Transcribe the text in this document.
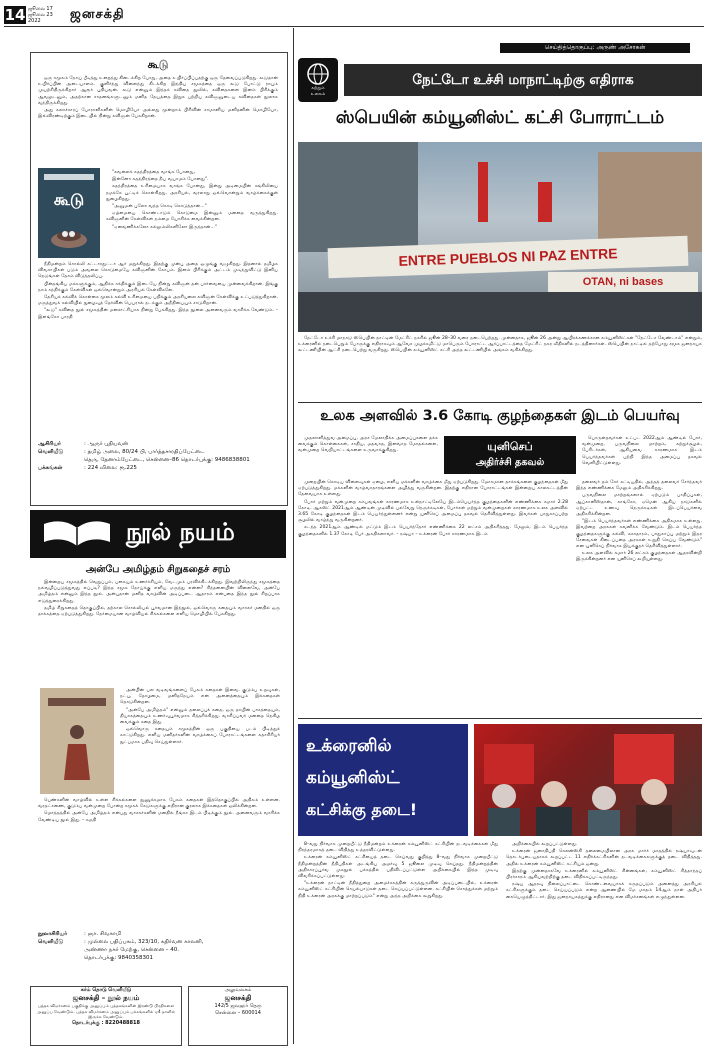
14 ஜூலை 17
ஜூலை 23
2022	ஜனசக்தி
செய்தித்தொகுப்பு: அருண் அசோகன்
கூடு

ஒரு சமூகம் நோய் பீடித்து உறைந்து கிடைக்கிற போது, அதை உயிர்ப்பிப்பதற்கு ஒரு தேவைப்படுகிறது. கூடுதான் உயிர்ப்பின் அடையாளம். குளிர்ந்து விளைந்து கிடக்கிற இந்திய சமூகத்தை ஒரு கூடு போட்டு ராயும் முயற்சிதிருக்கிறார் ஆரூர் புதியவன். கூடு என்னும் இந்தக் கவிதை நூலில், கவிதைகளை இனம் பிரிக்கும் ஆவலுடனும், அதற்கான சாதனங்களுடனும் மனித நேயத்தை இறுக பற்றிய கவிஞனுடைய கவிதைகள் நூலாக வந்திருக்கிறது.

அது கலாச்சாரப் போராளிகளின் மொழியோ அல்லது மூன்றாம் பிரிவின் சாமானிய மனிதனின் மொழியோ, இவ்விரண்டிற்கும் இடையில் நின்று கவிஞன் பேசுகிறான்.

கூடு

"கவலைக் கதந்திரத்தை வாங்க போனது,

இன்னோ சுதந்திரத்தை நீய வயாமம் போனது".

சுதந்திரத்தை உரிமையாக வாங்க போனது, இன்று அடிமையின் சங்கிலியை நமக்கே பூட்டிக் கொள்கிறது. அரசியல், வரலாறு ஒவ்வொன்றும் வாழ்க்கைக்குள் நுழைகிறது.

"அனுமன் புலோ வந்த கொடி கொடுத்தான்..."

ஏழ்மையை கொண்டாடும் கொடுமை இன்னும் மனதை வருத்துகிறது. கவிஞனின் கேள்விகள் நம்மை யோசிக்க வைக்கின்றன.

"ஏனவணிக்கலோ கல்லும்லிகளிலோ இருந்தான்..."

நீதிமன்றம் சொல்லி கட்டாரதுட்டா ஆர் மறுக்கிறது. இதற்கு முன்பு அதை ஒழுங்கு வழுகிறது. இதனால் தமிழக விவசாயிகள் படும் அவலை கொடுமையே கவிஞனின் கோபம். இனம் பிரிக்கும் அட்டம் முடிந்துவிட்டு இனிய நெடுங்கள் தேசம் விடுத்தலிப்பு.

பின்தங்கிய மக்களுக்கும், ஆதிக்க சக்திக்கும் இடையே நின்று கவிஞன் தன் பார்வையை முன்வைக்கிறான். இங்கு நாம் சந்திக்கும் கேள்விகள் ஒவ்வொன்றும் அரசியல் கேள்விகளே.

தேசியக் கல்விக் கொள்கை மூலம் கல்வி உரிமையை பறிக்கும் அரசியலை கவிஞன் கேள்விக்கு உட்படுத்துகிறான். மருத்துவக் கல்வியில் நுழைவுத் தேர்வின் பெயரால் நடக்கும் அநீதியையும் சாடுகிறான்.

"கூடு" கவிதை நூல் சமூகத்தின் மனசாட்சியாக நின்று பேசுகிறது. இந்த நூலை அனைவரும் வாசிக்க வேண்டும். – இளங்கோ பாரதி

ஆசிரியர்	: ஆருர் புதியவன்
வெளியீடு	: தமிழ் அலை, 80/24 பி, பார்த்தசாரதிப்பேட்டை
தெரு, தேனாம்பேட்டை, சென்னை–86 தொடர்புக்கு: 9486838801
பக்கங்கள்	: 224 விலை: ரூ.225
நூல் நயம்
அன்பே அமிழ்தம் சிறுகதைச் சரம்

இன்றைய சமூகத்தில் வெறுப்பும், பகையும் உணர்ச்சியும், வேடமும் பரவிக்கிடக்கிறது. இவற்றிலிருந்து சமூகத்தை நல்வழிப்படுத்துவது எப்படி? இந்த சமூக நோய்க்கு எளிய மருந்து என்ன? சிந்தனையின் விளைவே, அன்பே அமிழ்தம் என்னும் இந்த நூல். அன்புதான் மனித வாழ்வின் அடிப்படை ஆதாரம் என்பதை இந்த நூல் சிறப்பாக எடுத்துரைக்கிறது.

தமிழ் சிறுகதைத் தொகுப்பில், தற்கால சொல்லியல் பூர்வமான இந்நூல், ஒவ்வொரு கதையும் வாசகர் மனதில் ஒரு தாக்கத்தை ஏற்படுத்துகிறது. நேர்மையான வாழ்வியல் சிக்கல்களை எளிய மொழியில் பேசுகிறது.

அன்பின் பல வடிவங்களைப் பேசும் கதைகள் இவை. குடும்ப உறவுகள், நட்பு, தோழமை, மனிதநேயம் என அனைத்தையும் இக்கதைகள் தொடுகின்றன.

"அன்பே அமிழ்தம்" என்னும் தலைப்புக் கதை, ஒரு தாயின் பாசத்தையும், தியாகத்தையும் உணர்வுபூர்வமாக சித்தரிக்கிறது. வாசிப்பவர் மனதை நெகிழ வைக்கும் கதை இது.

ஒவ்வொரு கதையும் சமூகத்தின் ஒரு பகுதியை படம் பிடித்துக் காட்டுகிறது. எளிய மனிதர்களின் வாழ்க்கைப் போராட்டங்களை கதாசிரியர் நுட்பமாக பதிவு செய்துள்ளார்.

பெண்களின் வாழ்வில் உள்ள சிக்கல்களை நுணுக்கமாக பேசும் கதைகள் இத்தொகுப்பில் அதிகம் உள்ளன. வரதட்சணை, குடும்ப வன்முறை போன்ற சமூகக் கேடுகளுக்கு எதிரான குரலாக இக்கதைகள் ஒலிக்கின்றன.

மொத்தத்தில் அன்பே அமிழ்தம் என்பது வாசகர்களின் மனதில் நீங்கா இடம் பிடிக்கும் நூல். அனைவரும் வாசிக்க வேண்டிய நூல் இது. – சுமதி

நூலாசிரியர்	: ஞா. சிவகாமி
வெளியீடு	: முல்லை பதிப்பகம், 323/10, கதிர்வன காலனி,
அண்ணா நகர் மேற்கு, சென்னை – 40.
தொடர்புக்கு: 9840358301
கர்ம் தொடு வெளியீடு
ஜனசக்தி – நூல் நயம்
புத்தக விமர்சனம் பகுதிக்கு அனுப்பும் புத்தகங்களின் இரண்டு பிரதிகளை அனுப்ப வேண்டும். புத்தக விமர்சனம் அனுப்பும் பக்கங்களில் ஏ4 தாளில் இருக்க வேண்டும்.
தொடர்புக்கு : 8220488818
அலுவலகம்
ஜனசக்தி
142/5 ஜவஹர் தெரு
சென்னை – 600014
சுற்றும்
உலகம்
நேட்டோ உச்சி மாநாட்டிற்கு எதிராக
ஸ்பெயின் கம்யூனிஸ்ட் கட்சி போராட்டம்
ENTRE PUEBLOS NI PAZ ENTRE
OTAN, ni bases

நேட்டோ உச்சி மாநாடு ஸ்பெயின் நாட்டின் மேட்ரிட் நகரில் ஜூன் 28–30 வரை நடைபெற்றது. முன்னதாக, ஜூன் 26 அன்று ஆயிரக்கணக்கான கம்யூனிஸ்ட்கள் "நேட்டோ வேண்டாம்" என்றும், உக்ரைனில் நடைபெறும் போருக்கு எதிராகவும் ஆவேச முழக்கமிட்டு மாபெரும் போராட்ட ஆர்ப்பாட்டத்தை மேட்ரிட் நகர வீதிகளில் நடத்தினார்கள். ஸ்பெயின் நாட்டில் தற்போது சமூக ஜனநாயக கூட்டணியின் ஆட்சி நடைபெற்று வருகிறது. ஸ்பெயின் கம்யூனிஸ்ட் கட்சி அந்த கூட்டணியில் அங்கம் வகிக்கிறது.

உலக அளவில் 3.6 கோடி குழந்தைகள் இடம் பெயர்வு

முதலாளித்துவ அமைப்பு, அரச மேலாதிக்க அமைப்புகளை தக்க வைக்கும் கொள்கைகள், சாதிய, மதவாத, இனவாத மோதல்களை, வன்முறை வெறியாட்டங்களை உருவாக்குகிறது.	யுனிசெப்
அதிர்ச்சி தகவல்

பொருள்தவர்கள் உட்பட 2022ஆம் ஆண்டில் போர், வன்முறை, பருவநிலை மாற்றம், சுற்றுச்சூழல், பேரிடர்கள், ஆகியவை காரணமாக இடம் பெயர்ந்தவர்கள் பற்றி இந்த அமைப்பு தகவல் வெளியிட்டுள்ளது.

முறையின் கொடிய விளைவுகள் ஏழை, எளிய மக்களின் வாழ்க்கை மீது ஏற்படுகிறது. மோசமான தாக்கங்களை குழந்தைகள் மீது ஏற்படுத்துகிறது. மக்களின் வாழ்வாதாரங்களை அழித்து வருகின்றன. இதற்கு எதிரான போராட்டங்கள் இன்றைய காலகட்டத்தின் தேவையாக உள்ளது.

போர் மற்றும் வன்முறை சம்பவங்கள் காரணமாக உள்நாட்டிலேயே இடம்பெயர்ந்த குழந்தைகளின் எண்ணிக்கை சுமார் 2.28 கோடி. ஆகஸ்ட் 2021ஆம் ஆண்டின் முடிவில் பல்வேறு நெருக்கடிகள், போர்கள் மற்றும் வன்முறைகள் காரணமாக உலக அளவில் 3.65 கோடி குழந்தைகள் இடம் பெயர்ந்துள்ளனர் என்று யுனிசெப் அமைப்பு தகவல் தெரிவித்துள்ளது. இவர்கள் பாதுகாப்பற்ற சூழலில் வாழ்ந்து வருகின்றனர்.

கடந்த 2021ஆம் ஆண்டில் மட்டும் இடம் பெயர்ந்தோர் எண்ணிக்கை 22 லட்சம் அதிகரித்தது. மேலும், இடம் பெயர்ந்த குழந்தைகளில் 1.37 கோடி பேர் அகதிகளாவர். – ரஷ்யா – உக்ரைன் போர் காரணமாக இடம்

தலைவர் தம் சேர் கட்டியதில், அந்தத் தலைவர் சேர்ந்தவர் இந்த எண்ணிக்கை மேலும் அதிகரிக்கிறது.

பருவநிலை மாற்றங்களால் ஏற்படும் பாதிப்புகள், ஆப்கானிஸ்தான், காங்கோ, ஏமென் ஆகிய நாடுகளில் ஏற்பட்ட உணவு நெருக்கடிகள் இடப்பெயர்வை அதிகரிக்கின்றன.

"இடம் பெயர்ந்தவர்கள் எண்ணிக்கை அதிகமாக உள்ளது. இவற்றை அரசுகள் கவனிக்க வேண்டும். இடம் பெயர்ந்த குழந்தைகளுக்கு கல்வி, சுகாதாரம், பாதுகாப்பு மற்றும் இதர சேவைகள் கிடைப்பதை அரசுகள் உறுதி செய்ய வேண்டும்" என யுனிசெப் நிர்வாக இயக்குநர் தெரிவித்துள்ளார்.

உலக அளவில் சுமார் 26 லட்சம் குழந்தைகள் ஆதரவின்றி இருக்கின்றனர் என யுனிசெப் கூறியுள்ளது.

உக்ரைனில்
கம்யூனிஸ்ட்
கட்சிக்கு தடை!

8–வது நிர்வாக முறையீட்டு நீதிமன்றம் உக்ரைன் கம்யூனிஸ்ட் கட்சியின் நடவடிக்கைகள் மீது நிரந்தரமாகத் தடை விதித்து உத்தரவிட்டுள்ளது.

உக்ரைன் கம்யூனிஸ்ட் கட்சியைத் தடை செய்வது குறித்து 8–வது நிர்வாக முறையீட்டு நீதிமன்றத்தின் நீதிபதிகள் அடங்கிய அமர்வு 5 ஜூலை முடிவு செய்தது. நீதிமன்றத்தின் அதிகாரப்பூர்வ முகநூல் பக்கத்தில் பதிவிடப்பட்டுள்ள அறிக்கையில் இந்த முடிவு விவரிக்கப்பட்டுள்ளது.

"உக்ரைன் நாட்டின் நீதித்துறை அமைச்சகத்தின் கருத்துருவின் அடிப்படையில், உக்ரைன் கம்யூனிஸ்ட் கட்சியின் செயல்பாடுகள் தடை செய்யப்பட்டுள்ளன. கட்சியின் சொத்துக்கள் மற்றும் நிதி உக்ரைன் அரசுக்கு மாற்றப்படும்" என்று அந்த அறிக்கை கூறுகிறது.

அறிக்கையில் கூறப்பட்டுள்ளது.

உக்ரைன் ஜனாதிபதி செலன்ஸ்கி தலைமையிலான அரசு மார்ச் மாதத்தில் ரஷ்யாவுடன் தொடர்புடையதாகக் கூறப்பட்ட 11 எதிர்க்கட்சிகளின் நடவடிக்கைகளுக்குத் தடை விதித்தது. அதில் உக்ரைன் கம்யூனிஸ்ட் கட்சியும் ஒன்று.

இதற்கு முன்னதாகவே உக்ரைனில் கம்யூனிஸ்ட் சின்னங்கள், கம்யூனிஸ்ட் சித்தாந்தப் பிரச்சாரம் ஆகியவற்றிற்கு தடை விதிக்கப்பட்டிருந்தது.

ரஷ்ய ஆதரவு நிலைப்பாட்டை கொண்டவையாகக் கருதப்படும் அனைத்து அரசியல் கட்சிகளுக்கும் தடை செய்யப்படும் என்ற ஆணையில் மே மாதம் 14ஆம் நாள் அதிபர் கையெழுத்திட்டார். இது ஜனநாயகத்துக்கு எதிரானது என விமர்சனங்கள் எழுந்துள்ளன.
